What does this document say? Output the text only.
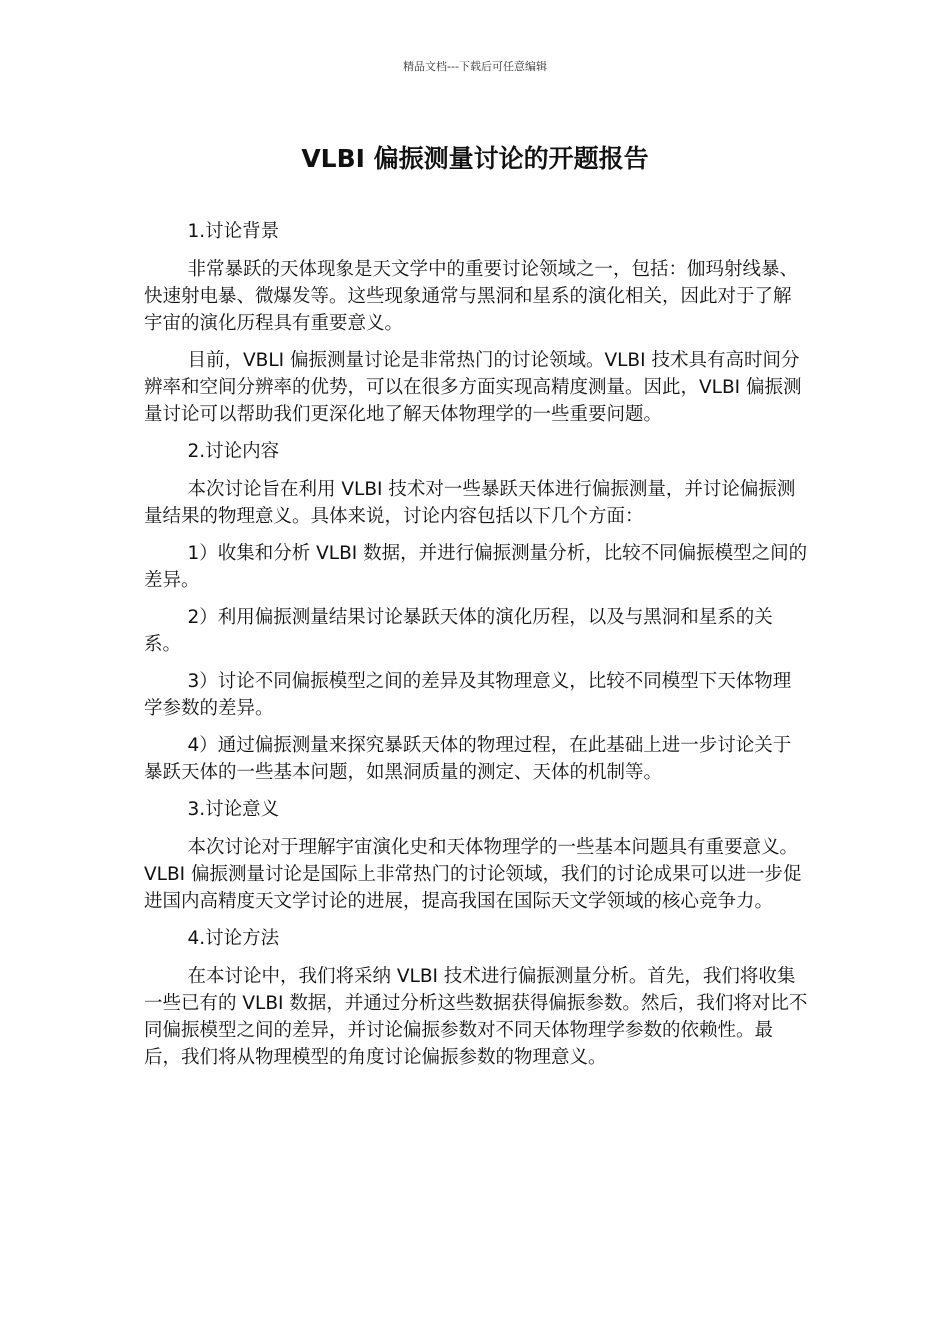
精品文档---下载后可任意编辑
VLBI 偏振测量讨论的开题报告

1.讨论背景

非常暴跃的天体现象是天文学中的重要讨论领域之一，包括：伽玛射线暴、快速射电暴、微爆发等。这些现象通常与黑洞和星系的演化相关，因此对于了解宇宙的演化历程具有重要意义。

目前，VBLI 偏振测量讨论是非常热门的讨论领域。VLBI 技术具有高时间分辨率和空间分辨率的优势，可以在很多方面实现高精度测量。因此，VLBI 偏振测量讨论可以帮助我们更深化地了解天体物理学的一些重要问题。

2.讨论内容

本次讨论旨在利用 VLBI 技术对一些暴跃天体进行偏振测量，并讨论偏振测量结果的物理意义。具体来说，讨论内容包括以下几个方面：

1）收集和分析 VLBI 数据，并进行偏振测量分析，比较不同偏振模型之间的差异。

2）利用偏振测量结果讨论暴跃天体的演化历程，以及与黑洞和星系的关系。

3）讨论不同偏振模型之间的差异及其物理意义，比较不同模型下天体物理学参数的差异。

4）通过偏振测量来探究暴跃天体的物理过程，在此基础上进一步讨论关于暴跃天体的一些基本问题，如黑洞质量的测定、天体的机制等。

3.讨论意义

本次讨论对于理解宇宙演化史和天体物理学的一些基本问题具有重要意义。VLBI 偏振测量讨论是国际上非常热门的讨论领域，我们的讨论成果可以进一步促进国内高精度天文学讨论的进展，提高我国在国际天文学领域的核心竞争力。

4.讨论方法

在本讨论中，我们将采纳 VLBI 技术进行偏振测量分析。首先，我们将收集一些已有的 VLBI 数据，并通过分析这些数据获得偏振参数。然后，我们将对比不同偏振模型之间的差异，并讨论偏振参数对不同天体物理学参数的依赖性。最后，我们将从物理模型的角度讨论偏振参数的物理意义。
